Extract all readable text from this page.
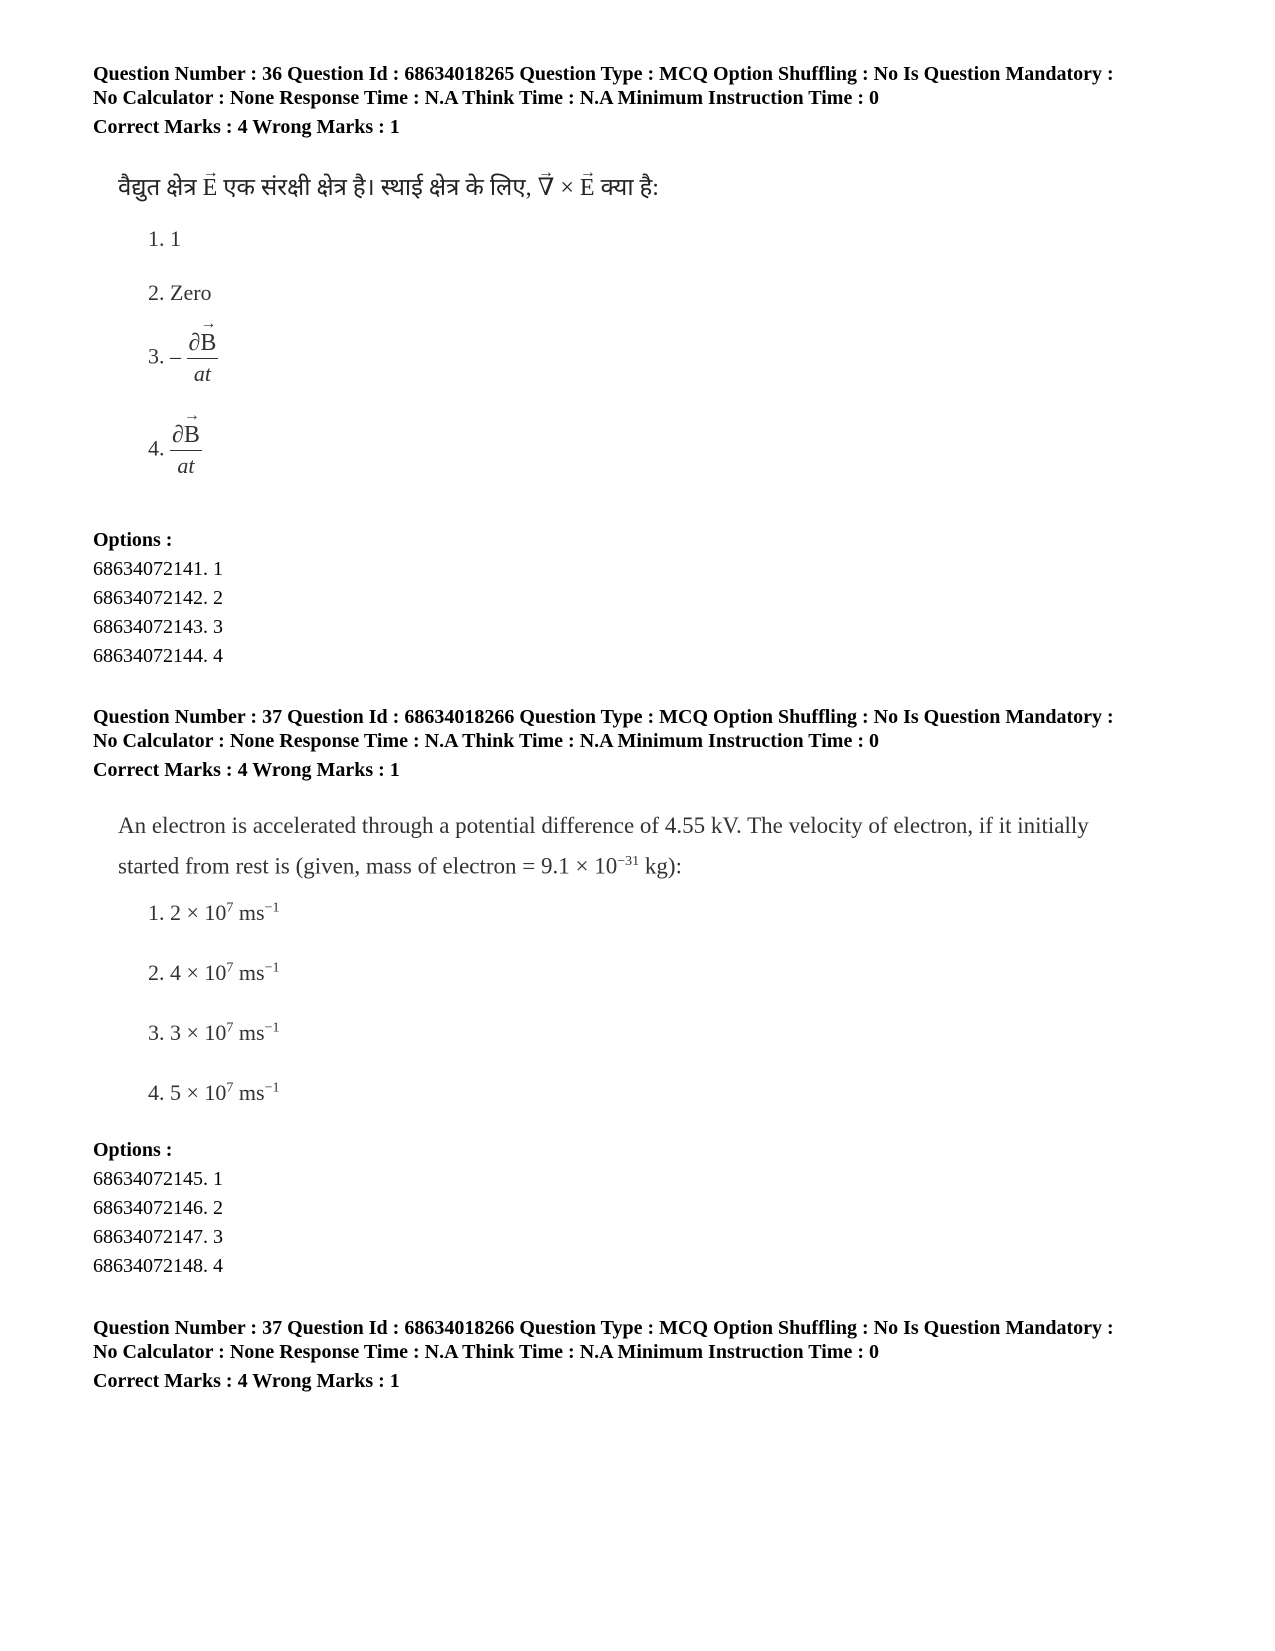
Question Number : 36 Question Id : 68634018265 Question Type : MCQ Option Shuffling : No Is Question Mandatory :

No Calculator : None Response Time : N.A Think Time : N.A Minimum Instruction Time : 0

Correct Marks : 4 Wrong Marks : 1

वैद्युत क्षेत्र → E एक संरक्षी क्षेत्र है। स्थाई क्षेत्र के लिए, → ∇ × → E क्या है:

1. 1
2. Zero
3. – $\frac{\partial\to B}{at}$
4. $\frac{\partial\to B}{at}$

Options :

68634072141. 1

68634072142. 2

68634072143. 3

68634072144. 4

Question Number : 37 Question Id : 68634018266 Question Type : MCQ Option Shuffling : No Is Question Mandatory :

No Calculator : None Response Time : N.A Think Time : N.A Minimum Instruction Time : 0

Correct Marks : 4 Wrong Marks : 1

An electron is accelerated through a potential difference of 4.55 kV. The velocity of electron, if it initially

started from rest is (given, mass of electron = $9.1 \times 10^{-31}$ kg):

1. $2 \times 10^7$ $ms^{-1}$
2. $4 \times 10^7$ $ms^{-1}$
3. $3 \times 10^7$ $ms^{-1}$
4. $5 \times 10^7$ $ms^{-1}$

Options :

68634072145. 1

68634072146. 2

68634072147. 3

68634072148. 4

Question Number : 37 Question Id : 68634018266 Question Type : MCQ Option Shuffling : No Is Question Mandatory :

No Calculator : None Response Time : N.A Think Time : N.A Minimum Instruction Time : 0

Correct Marks : 4 Wrong Marks : 1
